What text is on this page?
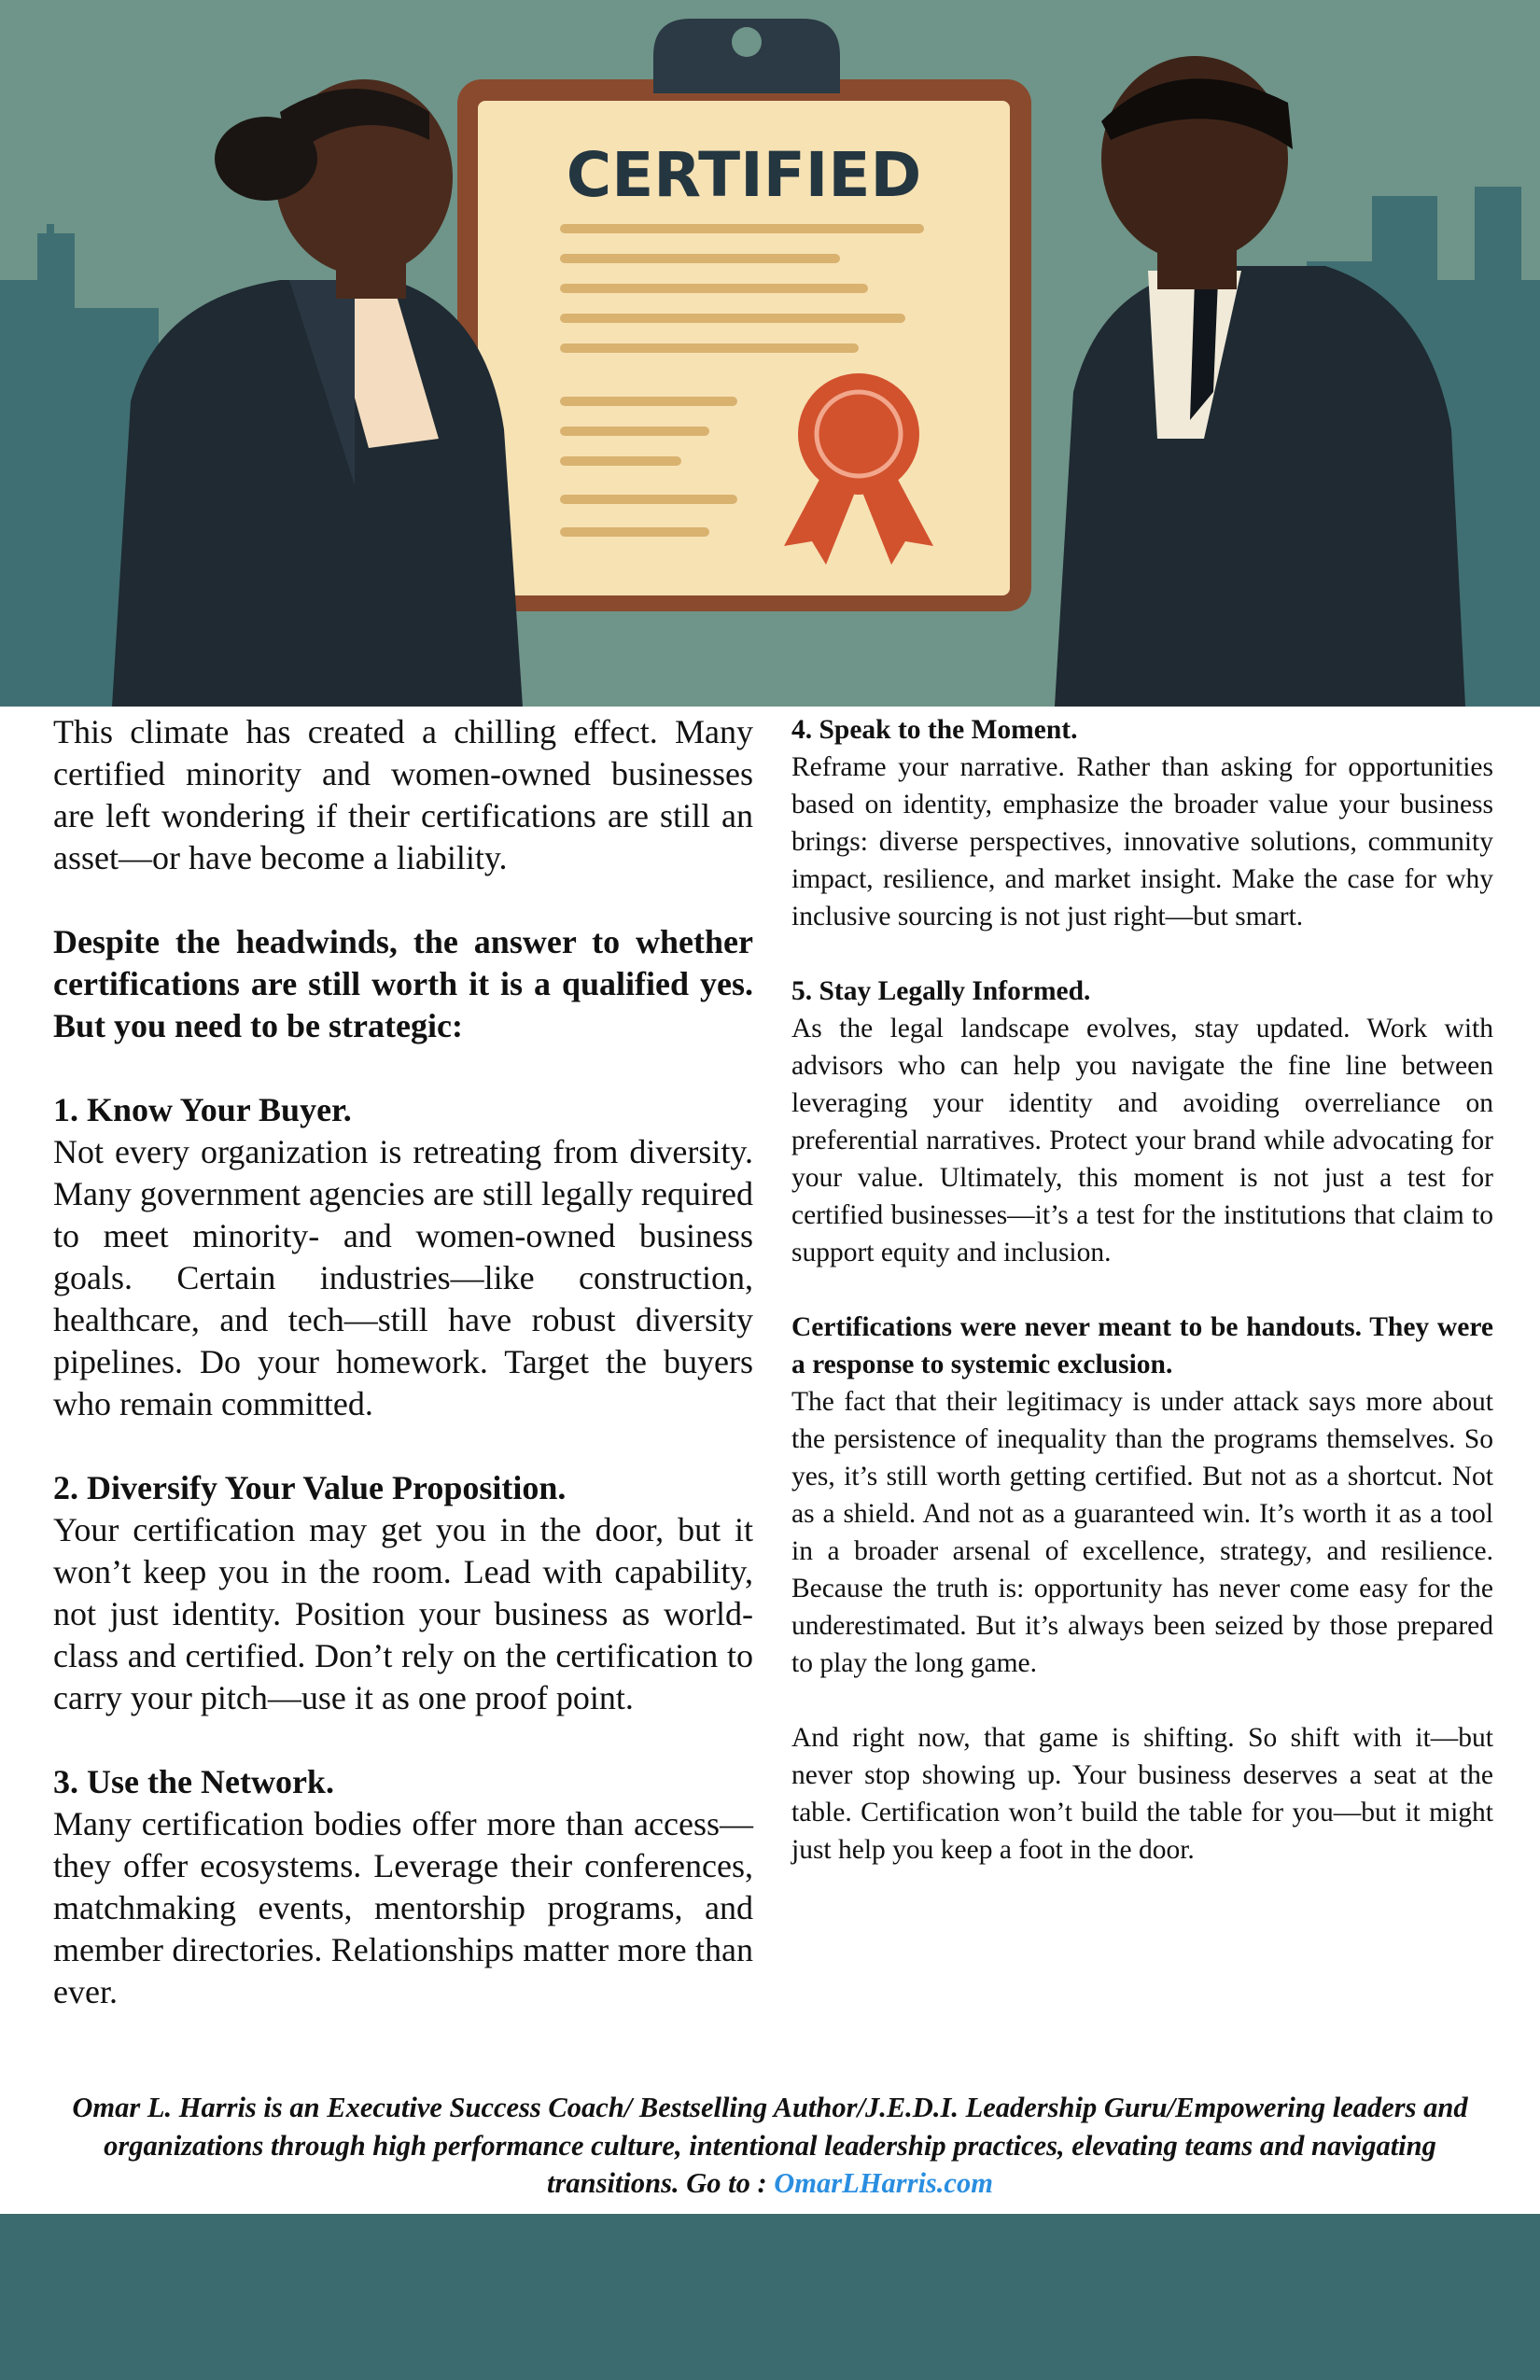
CERTIFIED

This climate has created a chilling effect. Many certified minority and women-owned businesses are left wondering if their certifications are still an asset—or have become a liability.

Despite the headwinds, the answer to whether certifications are still worth it is a qualified yes. But you need to be strategic:

1. Know Your Buyer.

Not every organization is retreating from diversity. Many government agencies are still legally required to meet minority- and women-owned business goals. Certain industries—like construction, healthcare, and tech—still have robust diversity pipelines. Do your homework. Target the buyers who remain committed.

2. Diversify Your Value Proposition.

Your certification may get you in the door, but it won’t keep you in the room. Lead with capability, not just identity. Position your business as world-class and certified. Don’t rely on the certification to carry your pitch—use it as one proof point.

3. Use the Network.

Many certification bodies offer more than access—they offer ecosystems. Leverage their conferences, matchmaking events, mentorship programs, and member directories. Relationships matter more than ever.

4. Speak to the Moment.

Reframe your narrative. Rather than asking for opportunities based on identity, emphasize the broader value your business brings: diverse perspectives, innovative solutions, community impact, resilience, and market insight. Make the case for why inclusive sourcing is not just right—but smart.

5. Stay Legally Informed.

As the legal landscape evolves, stay updated. Work with advisors who can help you navigate the fine line between leveraging your identity and avoiding overreliance on preferential narratives. Protect your brand while advocating for your value. Ultimately, this moment is not just a test for certified businesses—it’s a test for the institutions that claim to support equity and inclusion.

Certifications were never meant to be handouts. They were a response to systemic exclusion.

The fact that their legitimacy is under attack says more about the persistence of inequality than the programs themselves. So yes, it’s still worth getting certified. But not as a shortcut. Not as a shield. And not as a guaranteed win. It’s worth it as a tool in a broader arsenal of excellence, strategy, and resilience. Because the truth is: opportunity has never come easy for the underestimated. But it’s always been seized by those prepared to play the long game.

And right now, that game is shifting. So shift with it—but never stop showing up. Your business deserves a seat at the table. Certification won’t build the table for you—but it might just help you keep a foot in the door.

Omar L. Harris is an Executive Success Coach/ Bestselling Author/J.E.D.I. Leadership Guru/Empowering leaders and organizations through high performance culture, intentional leadership practices, elevating teams and navigating transitions. Go to : OmarLHarris.com
